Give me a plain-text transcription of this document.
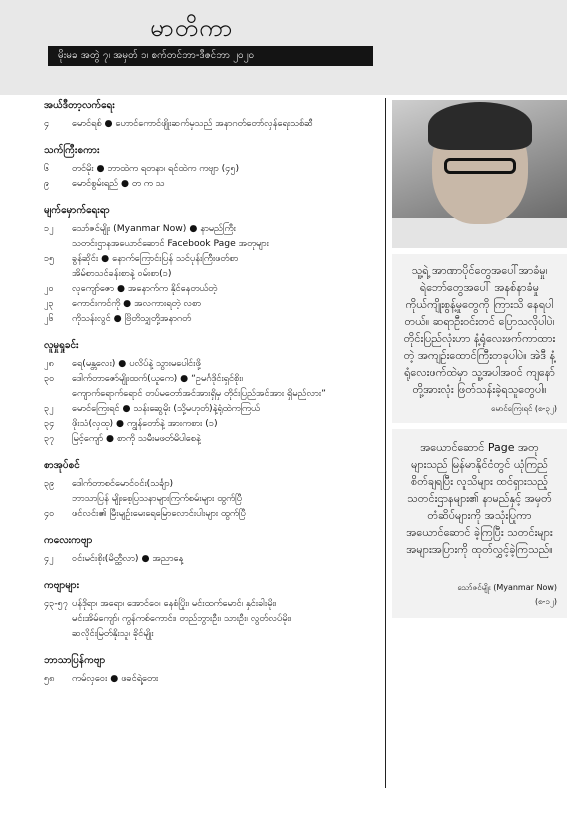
မာတိကာ
မိုးမခ အတွဲ ၇၊ အမှတ် ၁၊ စက်တင်ဘာ-ဒီဇင်ဘာ ၂၀၂၀
အယ်ဒီတာ့လက်ရေး
၄	မောင်ရစ် ● ဟောင်ကောင်ဖျိုးဆက်မှသည် အနာဂတ်တော်လှန်ရေးသစ်ဆီ
သက်ကြီးစကား
၆	တင်မိုး ● ဘာထဲက ရတနာ၊ ရင်ထဲက ကဗျာ (၄၅)
၉	မောင်စွမ်းရည် ● တ က သ
မျက်မှောက်ရေးရာ
၁၂	သော်ဇင်မျိုး (Myanmar Now) ● နာမည်ကြီး
သတင်းဌာနအယောင်ဆောင် Facebook Page အတုများ
၁၅	ခွန်ဆိုင်း ● နောက်ကြောင်းပြန် သင်ပုန်းကြီးဖတ်စာ
အိမ်စာသင်ခန်းစာနဲ့ ဝမ်းစာ(၁)
၂၀	လုကျော်ဇော ● အနောက်က နိုင်နေတယ်တဲ့
၂၃	ကောင်းကင်ကို ● အလကားရတဲ့ လစာ
၂၆	ကိုသန်းလွင် ● ဗြိတိသျှတို့အနာဂတ်
လူမှုရှုခင်း
၂၈	ရေ(မန္တလေး) ● ပလိပ်နဲ့ သွားမပေါင်းဖို့
၃၀	ဒေါက်တာဇော်မျိုးထက်(ယူကေ) ● “ဥမင်္ဂဒိုင်းရှင်စိုး၊
ကျောက်ရောက်ရောင် တပ်မတော်အင်အားရှိမှ တိုင်းပြည်အင်အား ရှိမည်လား”
၃၂	မောင်ကြေးရင် ● သန်းဆွေမိုး (သို့မဟုတ်)နဲ့ရုံထဲကကြယ်
၃၄	ဖိုးသံ(လှထု) ● ကျွန်တော်နဲ့ အားကစား (၁)
၃၇	မြင့်ကျော် ● စာကို သမီးမဖတ်မိပါစေနဲ့
စာအုပ်စင်
၃၉	ဒေါက်တာစင်မောင်ဝင်း(သင်္ချာ)
ဘာသာပြန် မျိုးစေ့ပြသနာများကြက်စမ်းများ ထွက်ပြီ
၄၀	ဖင်လင်း၏ မြီးမျဉ်းမေးရေမြောလောင်းပါးများ ထွက်ပြီ
ကလေးကဗျာ
၄၂	ဝင်းမင်းစိုး(မိတ္ထီလာ) ● အညာနေ့
ကဗျာများ
၄၃-၅၇ ပန်ဒိုရာ၊ အရော၊ အောင်ဝေ၊ နေစံပြိုး၊ မင်းထက်မောင်၊ နှင်းခါးမိုး၊
မင်းအိမ်ကျော်၊ ကွန်ကစ်ကောင်း၊ တည်ဘွားဦး၊ သားဦး၊ လွတ်လပ်မိုး၊
ဆလိုင်းမြတ်နိုးသူ၊ ခိုင်မျိုး
ဘာသာပြန်ကဗျာ
၅၈	ကမ်လှဝေး ● ဖခင်ရဲ့တေး
သူ့ရဲ့ အာဏာပိုင်တွေအပေါ်အာခံမှု၊ ရဲဘော်တွေအပေါ် အနစ်နာခံမှု ကိုယ်ကျိုးစွန့်မှုတွေကို ကြားသိ နေရပါတယ်။ ဆရာဦးဝင်းတင် ပြောသလိုပါပဲ၊ တိုင်းပြည်လုံးဟာ နံ့ရုံလေးဖက်ကာထားတဲ့ အကျဉ်းထောင်ကြီးတခုပါပဲ။ အဲဒီ နံ့ရုံလေးဖက်ထဲမှာ သူ့အပါအဝင် ကျနော်တို့အားလုံး ဖြတ်သန်းခဲ့ရသူတွေပါ။
မောင်ကြေးရင် (စ-၃၂)
အယောင်ဆောင် Page အတုများသည် မြန်မာနိုင်ငံတွင် ယုံကြည်စိတ်ချရပြီး လူသိများ ထင်ရှားသည့် သတင်းဌာနများ၏ နာမည်နှင့် အမှတ်တံဆိပ်များကို အသုံးပြုကာ အယောင်ဆောင် ခဲ့ကြပြီး သတင်းများ အများအပြားကို ထုတ်လွှင့်ခဲ့ကြသည်။
သော်ဇင်မျိုး (Myanmar Now)
(စ-၁၂)
